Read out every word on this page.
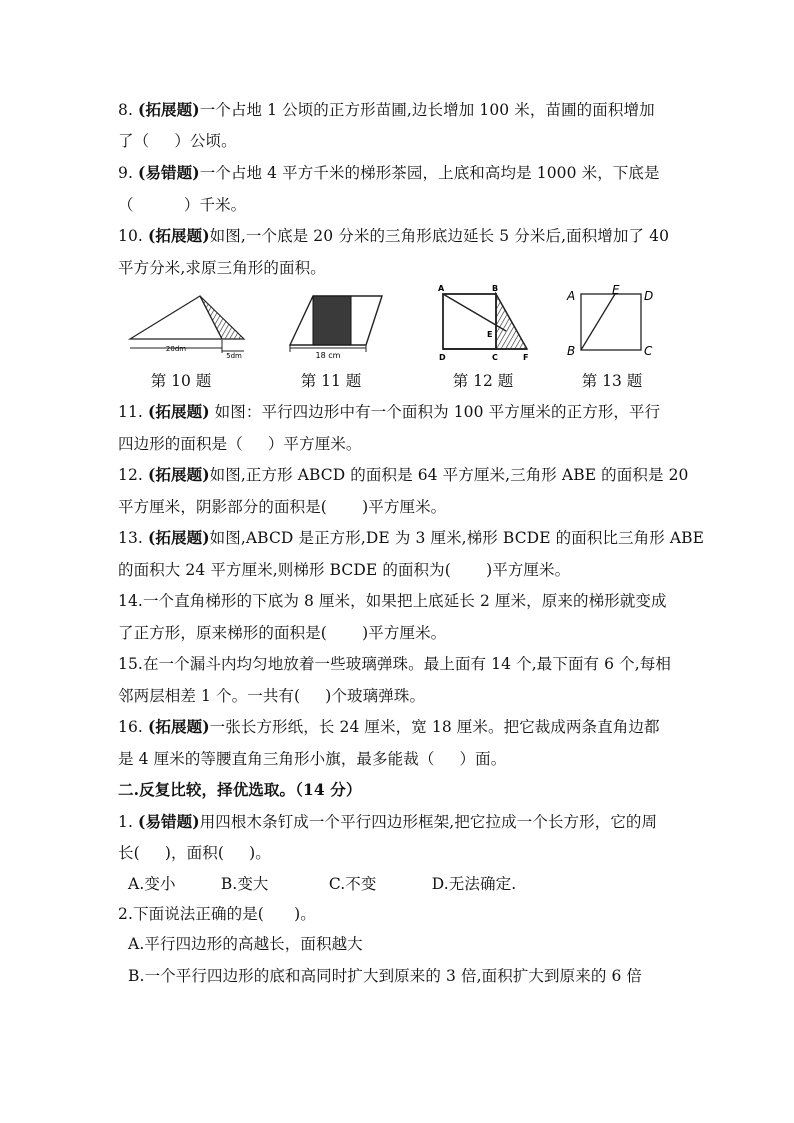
8. (拓展题)一个占地 1 公顷的正方形苗圃,边长增加 100 米，苗圃的面积增加
了（     ）公顷。
9. (易错题)一个占地 4 平方千米的梯形茶园，上底和高均是 1000 米，下底是
（          ）千米。
10. (拓展题)如图,一个底是 20 分米的三角形底边延长 5 分米后,面积增加了 40
平方分米,求原三角形的面积。
11. (拓展题) 如图：平行四边形中有一个面积为 100 平方厘米的正方形，平行
四边形的面积是（     ）平方厘米。
12. (拓展题)如图,正方形 ABCD 的面积是 64 平方厘米,三角形 ABE 的面积是 20
平方厘米，阴影部分的面积是(       )平方厘米。
13. (拓展题)如图,ABCD 是正方形,DE 为 3 厘米,梯形 BCDE 的面积比三角形 ABE
的面积大 24 平方厘米,则梯形 BCDE 的面积为(       )平方厘米。
14.一个直角梯形的下底为 8 厘米，如果把上底延长 2 厘米，原来的梯形就变成
了正方形，原来梯形的面积是(       )平方厘米。
15.在一个漏斗内均匀地放着一些玻璃弹珠。最上面有 14 个,最下面有 6 个,每相
邻两层相差 1 个。一共有(     )个玻璃弹珠。
16. (拓展题)一张长方形纸，长 24 厘米，宽 18 厘米。把它裁成两条直角边都
是 4 厘米的等腰直角三角形小旗，最多能裁（     ）面。
二.反复比较，择优选取。（14 分）
1. (易错题)用四根木条钉成一个平行四边形框架,把它拉成一个长方形，它的周
长(     )，面积(     )。
A.变小         B.变大            C.不变           D.无法确定.
2.下面说法正确的是(      )。
A.平行四边形的高越长，面积越大
B.一个平行四边形的底和高同时扩大到原来的 3 倍,面积扩大到原来的 6 倍
20dm
5dm	18 cm
A	B
D	C	F
E
A	E D
B	C
第 10 题	第 11 题	第 12 题	第 13 题
